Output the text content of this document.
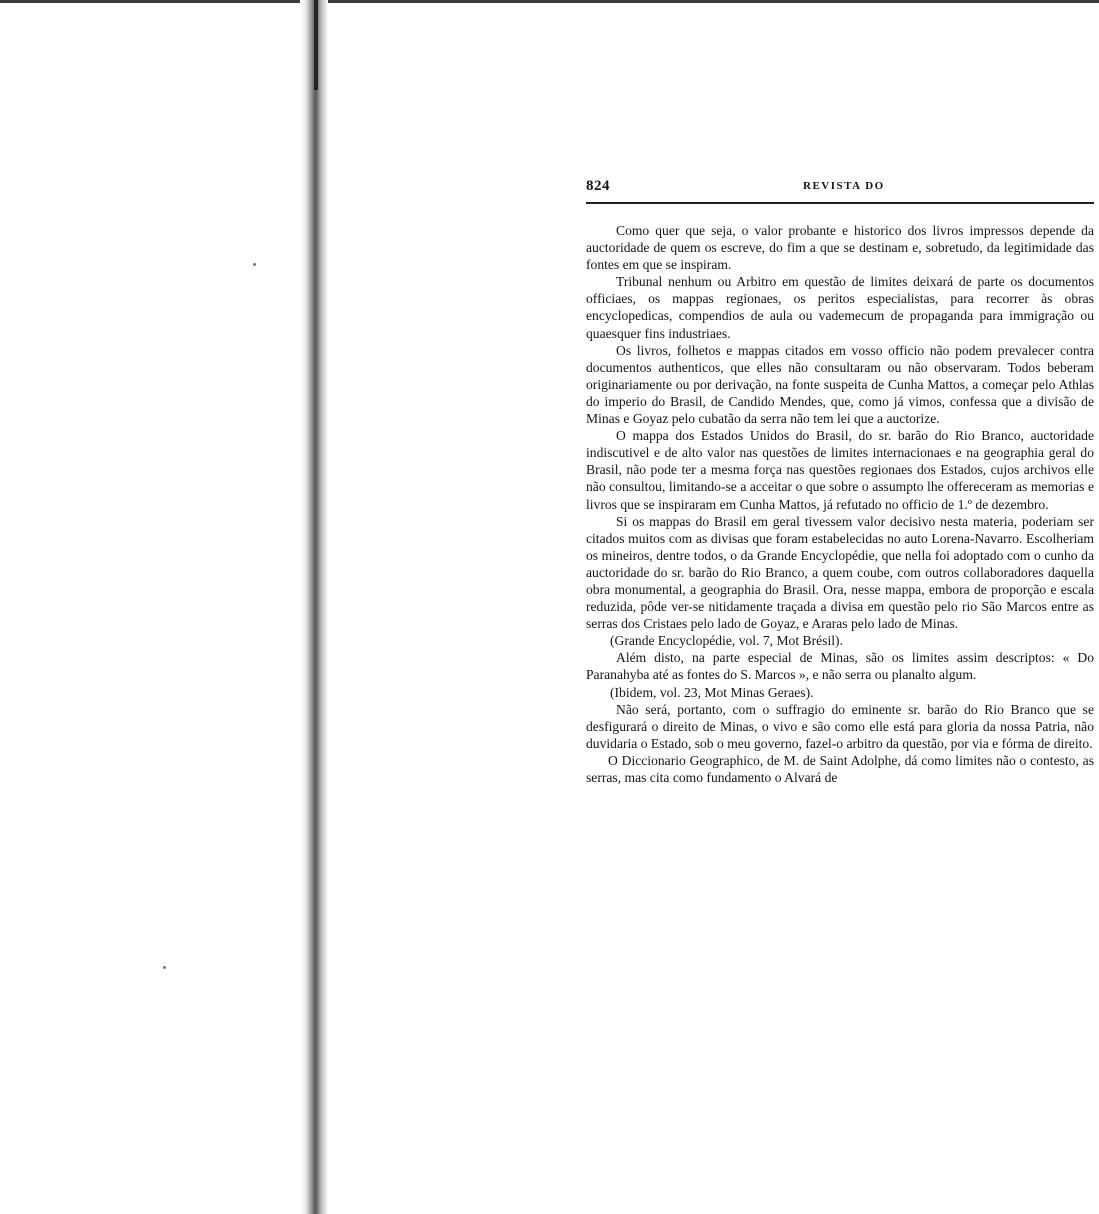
824	REVISTA DO

Como quer que seja, o valor probante e historico dos livros impressos depende da auctoridade de quem os escreve, do fim a que se destinam e, sobretudo, da legitimidade das fontes em que se inspiram.

Tribunal nenhum ou Arbitro em questão de limites deixará de parte os documentos officiaes, os mappas regionaes, os peritos especialistas, para recorrer às obras encyclopedicas, compendios de aula ou vademecum de propaganda para immigração ou quaesquer fins industriaes.

Os livros, folhetos e mappas citados em vosso officio não podem prevalecer contra documentos authenticos, que elles não consultaram ou não observaram. Todos beberam originariamente ou por derivação, na fonte suspeita de Cunha Mattos, a começar pelo Athlas do imperio do Brasil, de Candido Mendes, que, como já vimos, confessa que a divisão de Minas e Goyaz pelo cubatão da serra não tem lei que a auctorize.

O mappa dos Estados Unidos do Brasil, do sr. barão do Rio Branco, auctoridade indiscutivel e de alto valor nas questões de limites internacionaes e na geographia geral do Brasil, não pode ter a mesma força nas questões regionaes dos Estados, cujos archivos elle não consultou, limitando-se a acceitar o que sobre o assumpto lhe offereceram as memorias e livros que se inspiraram em Cunha Mattos, já refutado no officio de 1.º de dezembro.

Si os mappas do Brasil em geral tivessem valor decisivo nesta materia, poderiam ser citados muitos com as divisas que foram estabelecidas no auto Lorena-Navarro. Escolheriam os mineiros, dentre todos, o da Grande Encyclopédie, que nella foi adoptado com o cunho da auctoridade do sr. barão do Rio Branco, a quem coube, com outros collaboradores daquella obra monumental, a geographia do Brasil. Ora, nesse mappa, embora de proporção e escala reduzida, pôde ver-se nitidamente traçada a divisa em questão pelo rio São Marcos entre as serras dos Cristaes pelo lado de Goyaz, e Araras pelo lado de Minas.

(Grande Encyclopédie, vol. 7, Mot Brésil).

Além disto, na parte especial de Minas, são os limites assim descriptos: « Do Paranahyba até as fontes do S. Marcos », e não serra ou planalto algum.

(Ibidem, vol. 23, Mot Minas Geraes).

Não será, portanto, com o suffragio do eminente sr. barão do Rio Branco que se desfigurará o direito de Minas, o vivo e são como elle está para gloria da nossa Patria, não duvidaria o Estado, sob o meu governo, fazel-o arbitro da questão, por via e fórma de direito.

O Diccionario Geographico, de M. de Saint Adolphe, dá como limites não o contesto, as serras, mas cita como fundamento o Alvará de
